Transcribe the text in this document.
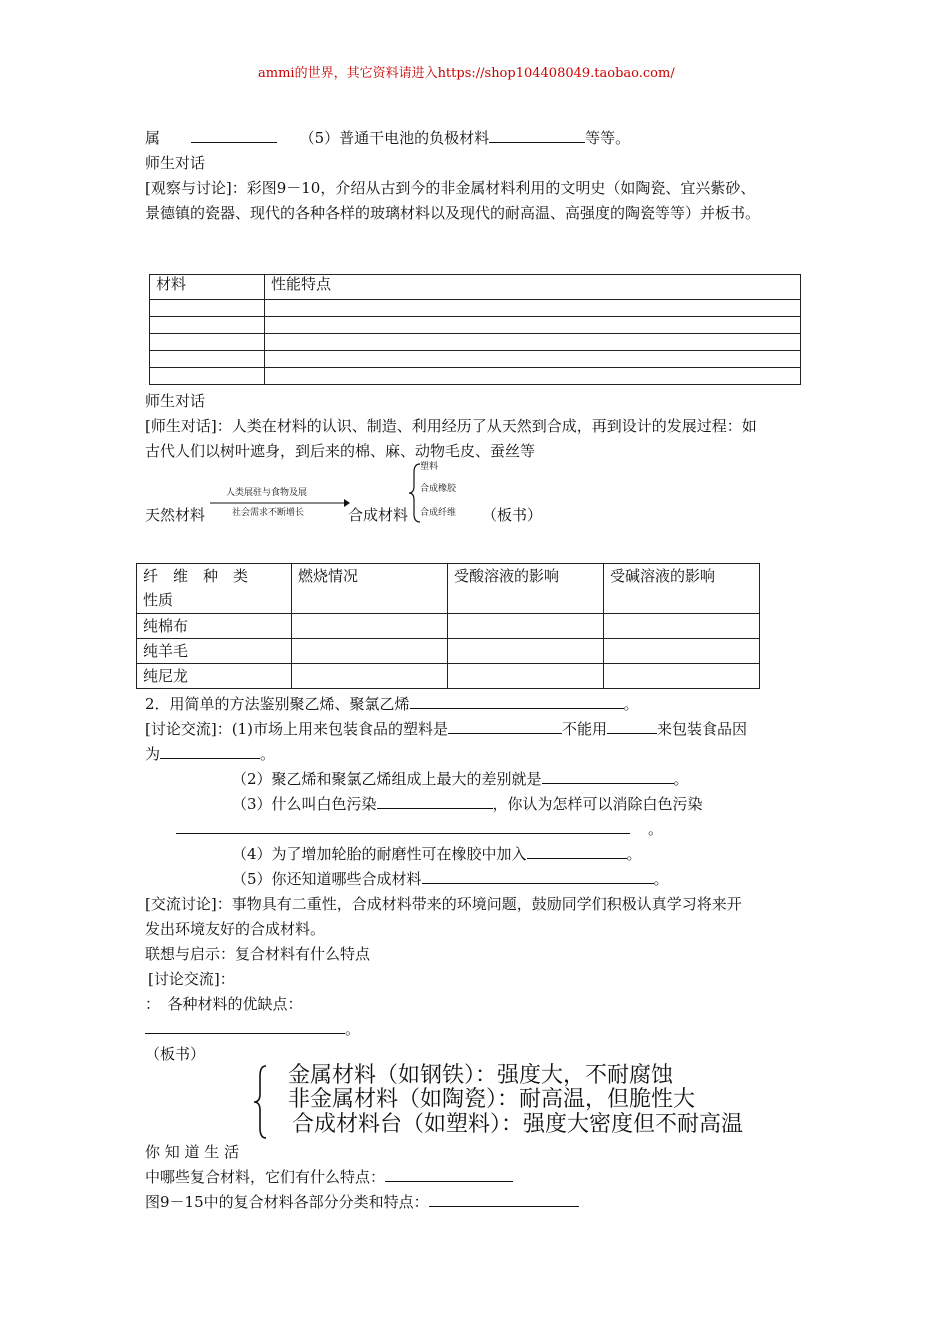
ammi的世界，其它资料请进入https://shop104408049.taobao.com/
属	（5）普通干电池的负极材料	等等。
师生对话
[观察与讨论]：彩图9－10，介绍从古到今的非金属材料利用的文明史（如陶瓷、宜兴紫砂、
景德镇的瓷器、现代的各种各样的玻璃材料以及现代的耐高温、高强度的陶瓷等等）并板书。
材料	性能特点

师生对话
[师生对话]：人类在材料的认识、制造、利用经历了从天然到合成，再到设计的发展过程：如
古代人们以树叶遮身，到后来的棉、麻、动物毛皮、蚕丝等
天然材料
人类展驻与食物及展
社会需求不断增长	合成材料
塑料
合成橡胶
合成纤维 （板书）
纤　维　种　类
性质	燃烧情况	受酸溶液的影响	受碱溶液的影响
纯棉布			
纯羊毛			
纯尼龙			
2．用简单的方法鉴别聚乙烯、聚氯乙烯	。
[讨论交流]：(1)市场上用来包装食品的塑料是	不能用	来包装食品因
为	。
（2）聚乙烯和聚氯乙烯组成上最大的差别就是	。
（3）什么叫白色污染	，你认为怎样可以消除白色污染
。
（4）为了增加轮胎的耐磨性可在橡胶中加入	。
（5）你还知道哪些合成材料	。
[交流讨论]：事物具有二重性，合成材料带来的环境问题，鼓励同学们积极认真学习将来开
发出环境友好的合成材料。
联想与启示：复合材料有什么特点
[讨论交流]：
：　各种材料的优缺点：
。
（板书）
金属材料（如钢铁）：强度大，不耐腐蚀
非金属材料（如陶瓷）：耐高温，但脆性大
合成材料台（如塑料）：强度大密度但不耐高温
你 知 道 生 活
中哪些复合材料，它们有什么特点：
图9－15中的复合材料各部分分类和特点：
